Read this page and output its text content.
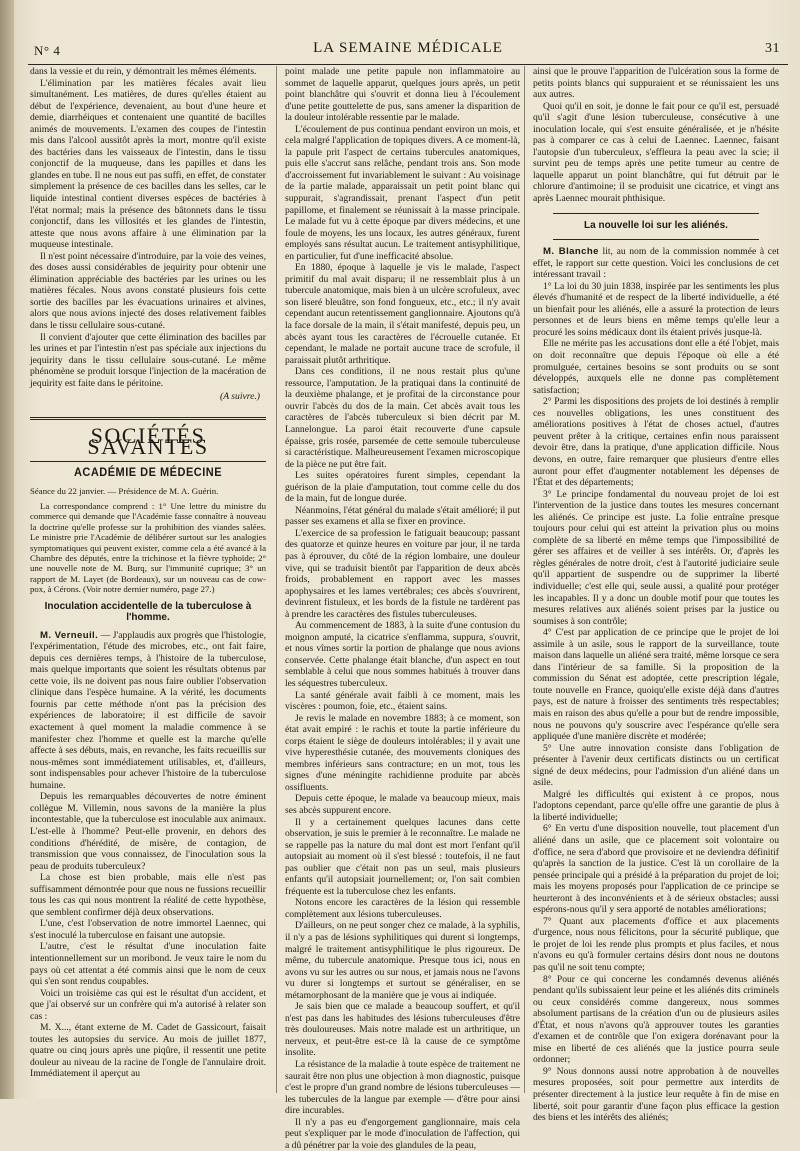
N° 4	LA SEMAINE MÉDICALE	31

dans la vessie et du rein, y démontrait les mêmes éléments.

L'élimination par les matières fécales avait lieu simultanément. Les matières, de dures qu'elles étaient au début de l'expérience, devenaient, au bout d'une heure et demie, diarrhéiques et contenaient une quantité de bacilles animés de mouvements. L'examen des coupes de l'intestin mis dans l'alcool aussitôt après la mort, montre qu'il existe des bactéries dans les vaisseaux de l'intestin, dans le tissu conjonctif de la muqueuse, dans les papilles et dans les glandes en tube. Il ne nous eut pas suffi, en effet, de constater simplement la présence de ces bacilles dans les selles, car le liquide intestinal contient diverses espèces de bactéries à l'état normal; mais la présence des bâtonnets dans le tissu conjonctif, dans les villosités et les glandes de l'intestin, atteste que nous avons affaire à une élimination par la muqueuse intestinale.

Il n'est point nécessaire d'introduire, par la voie des veines, des doses aussi considérables de jequirity pour obtenir une élimination appréciable des bactéries par les urines ou les matières fécales. Nous avons constaté plusieurs fois cette sortie des bacilles par les évacuations urinaires et alvines, alors que nous avions injecté des doses relativement faibles dans le tissu cellulaire sous-cutané.

Il convient d'ajouter que cette élimination des bacilles par les urines et par l'intestin n'est pas spéciale aux injections du jequirity dans le tissu cellulaire sous-cutané. Le même phénomène se produit lorsque l'injection de la macération de jequirity est faite dans le péritoine.

(A suivre.)
SOCIÉTÉS SAVANTES
ACADÉMIE DE MÉDECINE

Séance du 22 janvier. — Présidence de M. A. Guérin.

La correspondance comprend : 1° Une lettre du ministre du commerce qui demande que l'Académie fasse connaître à nouveau la doctrine qu'elle professe sur la prohibition des viandes salées. Le ministre prie l'Académie de délibérer surtout sur les analogies symptomatiques qui peuvent exister, comme cela a été avancé à la Chambre des députés, entre la trichinose et la fièvre typhoïde; 2° une nouvelle note de M. Burq, sur l'immunité cuprique; 3° un rapport de M. Layet (de Bordeaux), sur un nouveau cas de cow-pox, à Cérons. (Voir notre dernier numéro, page 27.)

Inoculation accidentelle de la tuberculose à l'homme.

M. Verneuil. — J'applaudis aux progrès que l'histologie, l'expérimentation, l'étude des microbes, etc., ont fait faire, depuis ces dernières temps, à l'histoire de la tuberculose, mais quelque importants que soient les résultats obtenus par cette voie, ils ne doivent pas nous faire oublier l'observation clinique dans l'espèce humaine. A la vérité, les documents fournis par cette méthode n'ont pas la précision des expériences de laboratoire; il est difficile de savoir exactement à quel moment la maladie commence à se manifester chez l'homme et quelle est la marche qu'elle affecte à ses débuts, mais, en revanche, les faits recueillis sur nous-mêmes sont immédiatement utilisables, et, d'ailleurs, sont indispensables pour achever l'histoire de la tuberculose humaine.

Depuis les remarquables découvertes de notre éminent collègue M. Villemin, nous savons de la manière la plus incontestable, que la tuberculose est inoculable aux animaux. L'est-elle à l'homme? Peut-elle provenir, en dehors des conditions d'hérédité, de misère, de contagion, de transmission que vous connaissez, de l'inoculation sous la peau de produits tuberculeux?

La chose est bien probable, mais elle n'est pas suffisamment démontrée pour que nous ne fussions recueillir tous les cas qui nous montrent la réalité de cette hypothèse, que semblent confirmer déjà deux observations.

L'une, c'est l'observation de notre immortel Laennec, qui s'est inoculé la tuberculose en faisant une autopsie.

L'autre, c'est le résultat d'une inoculation faite intentionnellement sur un moribond. Je veux taire le nom du pays où cet attentat a été commis ainsi que le nom de ceux qui s'en sont rendus coupables.

Voici un troisième cas qui est le résultat d'un accident, et que j'ai observé sur un confrère qui m'a autorisé à relater son cas :

M. X..., étant externe de M. Cadet de Gassicourt, faisait toutes les autopsies du service. Au mois de juillet 1877, quatre ou cinq jours après une piqûre, il ressentit une petite douleur au niveau de la racine de l'ongle de l'annulaire droit. Immédiatement il aperçut au

point malade une petite papule non inflammatoire au sommet de laquelle apparut, quelques jours après, un petit point blanchâtre qui s'ouvrit et donna lieu à l'écoulement d'une petite gouttelette de pus, sans amener la disparition de la douleur intolérable ressentie par le malade.

L'écoulement de pus continua pendant environ un mois, et cela malgré l'application de topiques divers. A ce moment-là, la papule prit l'aspect de certains tubercules anatomiques, puis elle s'accrut sans relâche, pendant trois ans. Son mode d'accroissement fut invariablement le suivant : Au voisinage de la partie malade, apparaissait un petit point blanc qui suppurait, s'agrandissait, prenant l'aspect d'un petit papillome, et finalement se réunissait à la masse principale. Le malade fut vu à cette époque par divers médecins, et une foule de moyens, les uns locaux, les autres généraux, furent employés sans résultat aucun. Le traitement antisyphilitique, en particulier, fut d'une inefficacité absolue.

En 1880, époque à laquelle je vis le malade, l'aspect primitif du mal avait disparu; il ne ressemblait plus à un tubercule anatomique, mais bien à un ulcère scrofuleux, avec son liseré bleuâtre, son fond fongueux, etc., etc.; il n'y avait cependant aucun retentissement ganglionnaire. Ajoutons qu'à la face dorsale de la main, il s'était manifesté, depuis peu, un abcès ayant tous les caractères de l'écrouelle cutanée. Et cependant, le malade ne portait aucune trace de scrofule, il paraissait plutôt arthritique.

Dans ces conditions, il ne nous restait plus qu'une ressource, l'amputation. Je la pratiquai dans la continuité de la deuxième phalange, et je profitai de la circonstance pour ouvrir l'abcès du dos de la main. Cet abcès avait tous les caractères de l'abcès tuberculeux si bien décrit par M. Lannelongue. La paroi était recouverte d'une capsule épaisse, gris rosée, parsemée de cette semoule tuberculeuse si caractéristique. Malheureusement l'examen microscopique de la pièce ne put être fait.

Les suites opératoires furent simples, cependant la guérison de la plaie d'amputation, tout comme celle du dos de la main, fut de longue durée.

Néanmoins, l'état général du malade s'était amélioré; il put passer ses examens et alla se fixer en province.

L'exercice de sa profession le fatiguait beaucoup; passant des quatorze et quinze heures en voiture par jour, il ne tarda pas à éprouver, du côté de la région lombaire, une douleur vive, qui se traduisit bientôt par l'apparition de deux abcès froids, probablement en rapport avec les masses apophysaires et les lames vertébrales; ces abcès s'ouvrirent, devinrent fistuleux, et les bords de la fistule ne tardèrent pas à prendre les caractères des fistules tuberculeuses.

Au commencement de 1883, à la suite d'une contusion du moignon amputé, la cicatrice s'enflamma, suppura, s'ouvrit, et nous vîmes sortir la portion de phalange que nous avions conservée. Cette phalange était blanche, d'un aspect en tout semblable à celui que nous sommes habitués à trouver dans les séquestres tuberculeux.

La santé générale avait faibli à ce moment, mais les viscères : poumon, foie, etc., étaient sains.

Je revis le malade en novembre 1883; à ce moment, son état avait empiré : le rachis et toute la partie inférieure du corps étaient le siège de douleurs intolérables; il y avait une vive hyperesthésie cutanée, des mouvements cloniques des membres inférieurs sans contracture; en un mot, tous les signes d'une méningite rachidienne produite par abcès ossifluents.

Depuis cette époque, le malade va beaucoup mieux, mais ses abcès suppurent encore.

Il y a certainement quelques lacunes dans cette observation, je suis le premier à le reconnaître. Le malade ne se rappelle pas la nature du mal dont est mort l'enfant qu'il autopsiait au moment où il s'est blessé : toutefois, il ne faut pas oublier que c'était non pas un seul, mais plusieurs enfants qu'il autopsiait journellement; or, l'on sait combien fréquente est la tuberculose chez les enfants.

Notons encore les caractères de la lésion qui ressemble complètement aux lésions tuberculeuses.

D'ailleurs, on ne peut songer chez ce malade, à la syphilis, il n'y a pas de lésions syphilitiques qui durent si longtemps, malgré le traitement antisyphilitique le plus rigoureux. De même, du tubercule anatomique. Presque tous ici, nous en avons vu sur les autres ou sur nous, et jamais nous ne l'avons vu durer si longtemps et surtout se généraliser, en se métamorphosant de la manière que je vous ai indiquée.

Je sais bien que ce malade a beaucoup souffert, et qu'il n'est pas dans les habitudes des lésions tuberculeuses d'être très douloureuses. Mais notre malade est un arthritique, un nerveux, et peut-être est-ce là la cause de ce symptôme insolite.

La résistance de la maladie à toute espèce de traitement ne saurait être non plus une objection à mon diagnostic, puisque c'est le propre d'un grand nombre de lésions tuberculeuses — les tubercules de la langue par exemple — d'être pour ainsi dire incurables.

Il n'y a pas eu d'engorgement ganglionnaire, mais cela peut s'expliquer par le mode d'inoculation de l'affection, qui a dû pénétrer par la voie des glandules de la peau,

ainsi que le prouve l'apparition de l'ulcération sous la forme de petits points blancs qui suppuraient et se réunissaient les uns aux autres.

Quoi qu'il en soit, je donne le fait pour ce qu'il est, persuadé qu'il s'agit d'une lésion tuberculeuse, consécutive à une inoculation locale, qui s'est ensuite généralisée, et je n'hésite pas à comparer ce cas à celui de Laennec. Laennec, faisant l'autopsie d'un tuberculeux, s'effleura la peau avec la scie; il survint peu de temps après une petite tumeur au centre de laquelle apparut un point blanchâtre, qui fut détruit par le chlorure d'antimoine; il se produisit une cicatrice, et vingt ans après Laennec mourait phthisique.

La nouvelle loi sur les aliénés.

M. Blanche lit, au nom de la commission nommée à cet effet, le rapport sur cette question. Voici les conclusions de cet intéressant travail :

1° La loi du 30 juin 1838, inspirée par les sentiments les plus élevés d'humanité et de respect de la liberté individuelle, a été un bienfait pour les aliénés, elle a assuré la protection de leurs personnes et de leurs biens en même temps qu'elle leur a procuré les soins médicaux dont ils étaient privés jusque-là.

Elle ne mérite pas les accusations dont elle a été l'objet, mais on doit reconnaître que depuis l'époque où elle a été promulguée, certaines besoins se sont produits ou se sont développés, auxquels elle ne donne pas complètement satisfaction;

2° Parmi les dispositions des projets de loi destinés à remplir ces nouvelles obligations, les unes constituent des améliorations positives à l'état de choses actuel, d'autres peuvent prêter à la critique, certaines enfin nous paraissent devoir être, dans la pratique, d'une application difficile. Nous devons, en outre, faire remarquer que plusieurs d'entre elles auront pour effet d'augmenter notablement les dépenses de l'État et des départements;

3° Le principe fondamental du nouveau projet de loi est l'intervention de la justice dans toutes les mesures concernant les aliénés. Ce principe est juste. La folie entraîne presque toujours pour celui qui est atteint la privation plus ou moins complète de sa liberté en même temps que l'impossibilité de gérer ses affaires et de veiller à ses intérêts. Or, d'après les règles générales de notre droit, c'est à l'autorité judiciaire seule qu'il appartient de suspendre ou de supprimer la liberté individuelle; c'est elle qui, seule aussi, a qualité pour protéger les incapables. Il y a donc un double motif pour que toutes les mesures relatives aux aliénés soient prises par la justice ou soumises à son contrôle;

4° C'est par application de ce principe que le projet de loi assimile à un asile, sous le rapport de la surveillance, toute maison dans laquelle un aliéné sera traité, même lorsque ce sera dans l'intérieur de sa famille. Si la proposition de la commission du Sénat est adoptée, cette prescription légale, toute nouvelle en France, quoiqu'elle existe déjà dans d'autres pays, est de nature à froisser des sentiments très respectables; mais en raison des abus qu'elle a pour but de rendre impossible, nous ne pouvons qu'y souscrire avec l'espérance qu'elle sera appliquée d'une manière discrète et modérée;

5° Une autre innovation consiste dans l'obligation de présenter à l'avenir deux certificats distincts ou un certificat signé de deux médecins, pour l'admission d'un aliéné dans un asile.

Malgré les difficultés qui existent à ce propos, nous l'adoptons cependant, parce qu'elle offre une garantie de plus à la liberté individuelle;

6° En vertu d'une disposition nouvelle, tout placement d'un aliéné dans un asile, que ce placement soit volontaire ou d'office, ne sera d'abord que provisoire et ne deviendra définitif qu'après la sanction de la justice. C'est là un corollaire de la pensée principale qui a présidé à la préparation du projet de loi; mais les moyens proposés pour l'application de ce principe se heurteront à des inconvénients et à de sérieux obstacles; aussi espérons-nous qu'il y sera apporté de notables améliorations;

7° Quant aux placements d'office et aux placements d'urgence, nous nous félicitons, pour la sécurité publique, que le projet de loi les rende plus prompts et plus faciles, et nous n'avons eu qu'à formuler certains désirs dont nous ne doutons pas qu'il ne soit tenu compte;

8° Pour ce qui concerne les condamnés devenus aliénés pendant qu'ils subissaient leur peine et les aliénés dits criminels ou ceux considérés comme dangereux, nous sommes absolument partisans de la création d'un ou de plusieurs asiles d'État, et nous n'avons qu'à approuver toutes les garanties d'examen et de contrôle que l'on exigera dorénavant pour la mise en liberté de ces aliénés que la justice pourra seule ordonner;

9° Nous donnons aussi notre approbation à de nouvelles mesures proposées, soit pour permettre aux interdits de présenter directement à la justice leur requête à fin de mise en liberté, soit pour garantir d'une façon plus efficace la gestion des biens et les intérêts des aliénés;
